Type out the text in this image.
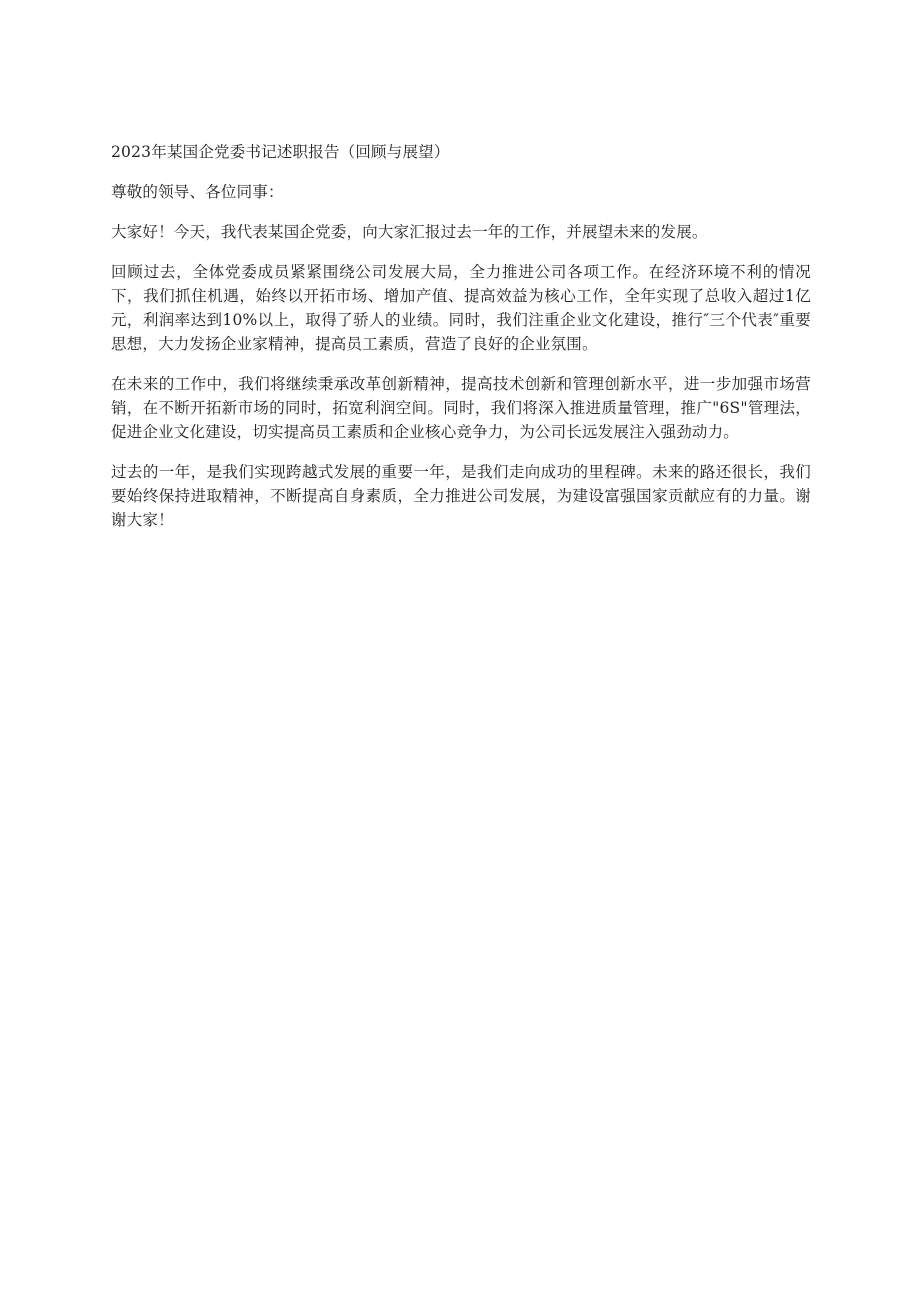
2023年某国企党委书记述职报告（回顾与展望）

尊敬的领导、各位同事：

大家好！今天，我代表某国企党委，向大家汇报过去一年的工作，并展望未来的发展。

回顾过去，全体党委成员紧紧围绕公司发展大局，全力推进公司各项工作。在经济环境不利的情况下，我们抓住机遇，始终以开拓市场、增加产值、提高效益为核心工作，全年实现了总收入超过1亿元，利润率达到10%以上，取得了骄人的业绩。同时，我们注重企业文化建设，推行″三个代表″重要思想，大力发扬企业家精神，提高员工素质，营造了良好的企业氛围。

在未来的工作中，我们将继续秉承改革创新精神，提高技术创新和管理创新水平，进一步加强市场营销，在不断开拓新市场的同时，拓宽利润空间。同时，我们将深入推进质量管理，推广"6S"管理法，促进企业文化建设，切实提高员工素质和企业核心竞争力，为公司长远发展注入强劲动力。

过去的一年，是我们实现跨越式发展的重要一年，是我们走向成功的里程碑。未来的路还很长，我们要始终保持进取精神，不断提高自身素质，全力推进公司发展，为建设富强国家贡献应有的力量。谢谢大家！
